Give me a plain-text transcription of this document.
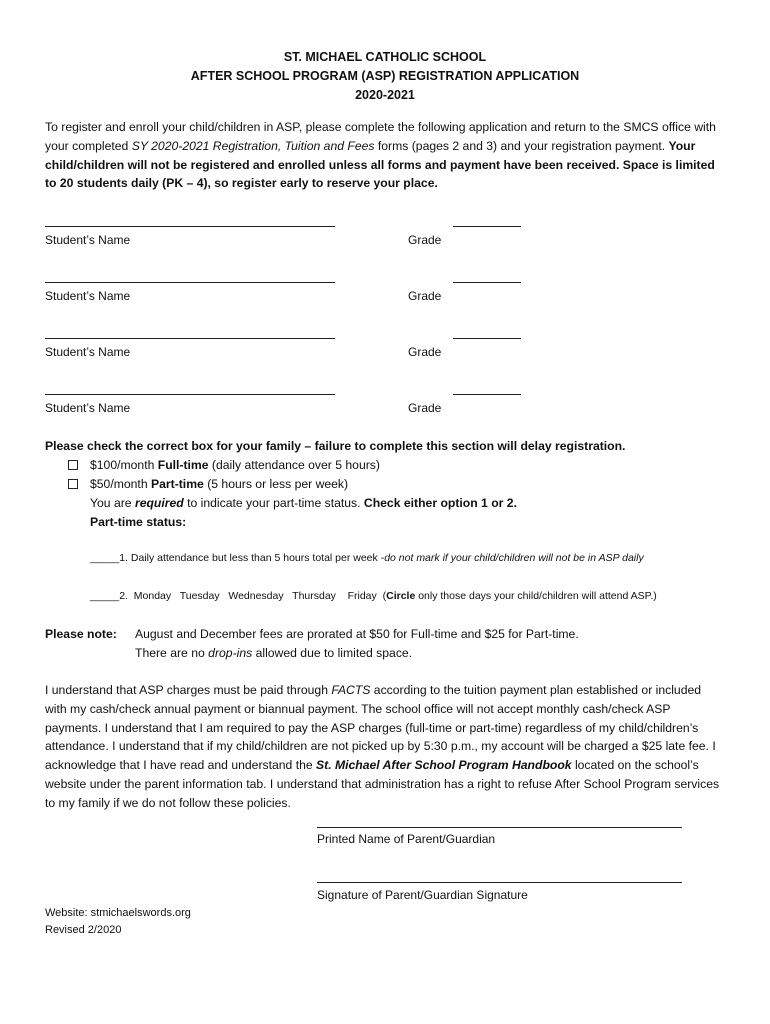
ST. MICHAEL CATHOLIC SCHOOL
AFTER SCHOOL PROGRAM (ASP) REGISTRATION APPLICATION
2020-2021
To register and enroll your child/children in ASP, please complete the following application and return to the SMCS office with your completed SY 2020-2021 Registration, Tuition and Fees forms (pages 2 and 3) and your registration payment. Your child/children will not be registered and enrolled unless all forms and payment have been received. Space is limited to 20 students daily (PK – 4), so register early to reserve your place.
Student’s Name	Grade
Student’s Name	Grade
Student’s Name	Grade
Student’s Name	Grade
Please check the correct box for your family – failure to complete this section will delay registration.
$100/month Full-time (daily attendance over 5 hours)
$50/month Part-time (5 hours or less per week)
You are required to indicate your part-time status. Check either option 1 or 2.
Part-time status:
_____1. Daily attendance but less than 5 hours total per week -do not mark if your child/children will not be in ASP daily
_____2.  Monday   Tuesday   Wednesday   Thursday    Friday  (Circle only those days your child/children will attend ASP.)
Please note: August and December fees are prorated at $50 for Full-time and $25 for Part-time.
There are no drop-ins allowed due to limited space.
I understand that ASP charges must be paid through FACTS according to the tuition payment plan established or included with my cash/check annual payment or biannual payment. The school office will not accept monthly cash/check ASP payments. I understand that I am required to pay the ASP charges (full-time or part-time) regardless of my child/children’s attendance. I understand that if my child/children are not picked up by 5:30 p.m., my account will be charged a $25 late fee. I acknowledge that I have read and understand the St. Michael After School Program Handbook located on the school’s website under the parent information tab. I understand that administration has a right to refuse After School Program services to my family if we do not follow these policies.
Printed Name of Parent/Guardian
Signature of Parent/Guardian Signature
Website: stmichaelswords.org
Revised 2/2020
